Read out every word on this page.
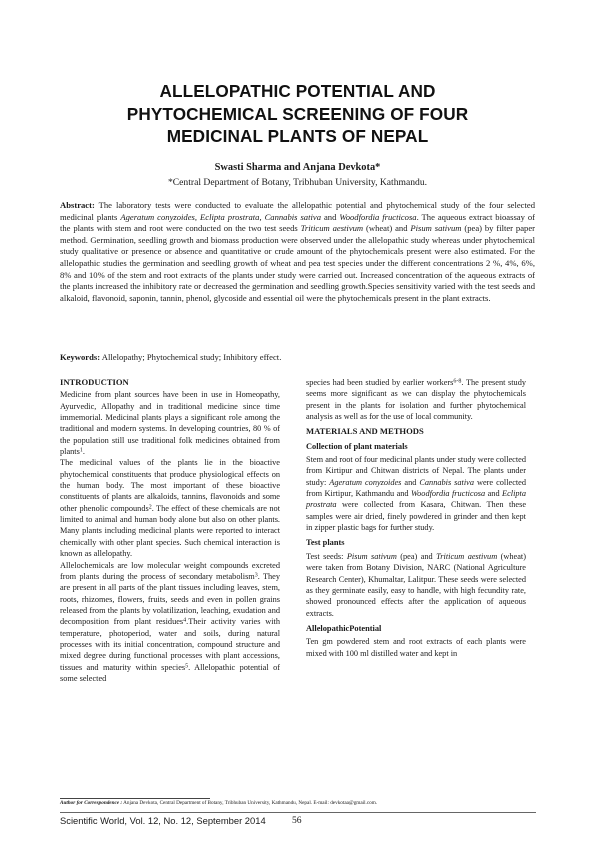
ALLELOPATHIC POTENTIAL AND
PHYTOCHEMICAL SCREENING OF FOUR
MEDICINAL PLANTS OF NEPAL
Swasti Sharma and Anjana Devkota*
*Central Department of Botany, Tribhuban University, Kathmandu.
Abstract: The laboratory tests were conducted to evaluate the allelopathic potential and phytochemical study of the four selected medicinal plants Ageratum conyzoides, Eclipta prostrata, Cannabis sativa and Woodfordia fructicosa. The aqueous extract bioassay of the plants with stem and root were conducted on the two test seeds Triticum aestivum (wheat) and Pisum sativum (pea) by filter paper method. Germination, seedling growth and biomass production were observed under the allelopathic study whereas under phytochemical study qualitative or presence or absence and quantitative or crude amount of the phytochemicals present were also estimated. For the allelopathic studies the germination and seedling growth of wheat and pea test species under the different concentrations 2 %, 4%, 6%, 8% and 10% of the stem and root extracts of the plants under study were carried out. Increased concentration of the aqueous extracts of the plants increased the inhibitory rate or decreased the germination and seedling growth.Species sensitivity varied with the test seeds and alkaloid, flavonoid, saponin, tannin, phenol, glycoside and essential oil were the phytochemicals present in the plant extracts.
Keywords: Allelopathy; Phytochemical study; Inhibitory effect.
INTRODUCTION

Medicine from plant sources have been in use in Homeopathy, Ayurvedic, Allopathy and in traditional medicine since time immemorial. Medicinal plants plays a significant role among the traditional and modern systems. In developing countries, 80 % of the population still use traditional folk medicines obtained from plants$^1$.

The medicinal values of the plants lie in the bioactive phytochemical constituents that produce physiological effects on the human body. The most important of these bioactive constituents of plants are alkaloids, tannins, flavonoids and some other phenolic compounds$^2$. The effect of these chemicals are not limited to animal and human body alone but also on other plants. Many plants including medicinal plants were reported to interact chemically with other plant species. Such chemical interaction is known as allelopathy.

Allelochemicals are low molecular weight compounds excreted from plants during the process of secondary metabolism$^3$. They are present in all parts of the plant tissues including leaves, stem, roots, rhizomes, flowers, fruits, seeds and even in pollen grains released from the plants by volatilization, leaching, exudation and decomposition from plant residues$^4$.Their activity varies with temperature, photoperiod, water and soils, during natural processes with its initial concentration, compound structure and mixed degree during functional processes with plant accessions, tissues and maturity within species$^5$. Allelopathic potential of some selected

species had been studied by earlier workers$^{6-8}$. The present study seems more significant as we can display the phytochemicals present in the plants for isolation and further phytochemical analysis as well as for the use of local community.

MATERIALS AND METHODS
Collection of plant materials

Stem and root of four medicinal plants under study were collected from Kirtipur and Chitwan districts of Nepal. The plants under study: Ageratum conyzoides and Cannabis sativa were collected from Kirtipur, Kathmandu and Woodfordia fructicosa and Eclipta prostrata were collected from Kasara, Chitwan. Then these samples were air dried, finely powdered in grinder and then kept in zipper plastic bags for further study.

Test plants

Test seeds: Pisum sativum (pea) and Triticum aestivum (wheat) were taken from Botany Division, NARC (National Agriculture Research Center), Khumaltar, Lalitpur. These seeds were selected as they germinate easily, easy to handle, with high fecundity rate, showed pronounced effects after the application of aqueous extracts.

AllelopathicPotential

Ten gm powdered stem and root extracts of each plants were mixed with 100 ml distilled water and kept in

Author for Correspondence : Anjana Devkota, Central Department of Botany, Tribhuban University, Kathmandu, Nepal. E-mail: devkotaa@gmail.com.
Scientific World, Vol. 12, No. 12, September 2014	56
